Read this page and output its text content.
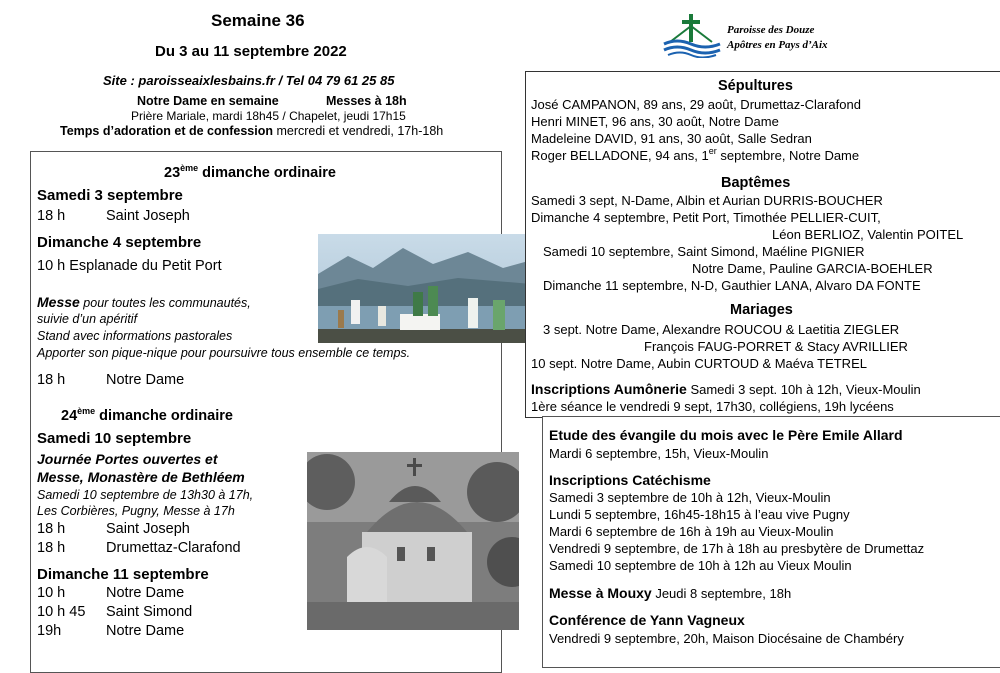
Semaine 36
Du 3 au 11 septembre 2022
Site : paroisseaixlesbains.fr / Tel 04 79 61 25 85
Notre Dame en semaine	Messes à 18h
Prière Mariale, mardi 18h45 / Chapelet, jeudi 17h15
Temps d’adoration et de confession mercredi et vendredi, 17h-18h
Paroisse des Douze
Apôtres en Pays d’Aix
23ème dimanche ordinaire
Samedi 3 septembre
18 h	Saint Joseph
Dimanche 4 septembre
10 h Esplanade du Petit Port
Messe pour toutes les communautés,
suivie d’un apéritif
Stand avec informations pastorales
Apporter son pique-nique pour poursuivre tous ensemble ce temps.
18 h	Notre Dame
24ème dimanche ordinaire
Samedi 10 septembre
Journée Portes ouvertes et
Messe, Monastère de Bethléem
Samedi 10 septembre de 13h30 à 17h,
Les Corbières, Pugny, Messe à 17h
18 h	Saint Joseph
18 h	Drumettaz-Clarafond
Dimanche 11 septembre
10 h	Notre Dame
10 h 45 Saint Simond
19h	Notre Dame
Sépultures
José CAMPANON, 89 ans, 29 août, Drumettaz-Clarafond
Henri MINET, 96 ans, 30 août, Notre Dame
Madeleine DAVID, 91 ans, 30 août, Salle Sedran
Roger BELLADONE, 94 ans, 1er septembre, Notre Dame
Baptêmes
Samedi 3 sept, N-Dame, Albin et Aurian DURRIS-BOUCHER
Dimanche 4 septembre, Petit Port, Timothée PELLIER-CUIT,
Léon BERLIOZ, Valentin POITEL
Samedi 10 septembre, Saint Simond, Maéline PIGNIER
Notre Dame, Pauline GARCIA-BOEHLER
Dimanche 11 septembre, N-D, Gauthier LANA, Alvaro DA FONTE
Mariages
3 sept. Notre Dame, Alexandre ROUCOU & Laetitia ZIEGLER
François FAUG-PORRET & Stacy AVRILLIER
10 sept. Notre Dame, Aubin CURTOUD & Maéva TETREL
Inscriptions Aumônerie Samedi 3 sept. 10h à 12h, Vieux-Moulin
1ère séance le vendredi 9 sept, 17h30, collégiens, 19h lycéens
Etude des évangile du mois avec le Père Emile Allard
Mardi 6 septembre, 15h, Vieux-Moulin
Inscriptions Catéchisme
Samedi 3 septembre de 10h à 12h, Vieux-Moulin
Lundi 5 septembre, 16h45-18h15 à l’eau vive Pugny
Mardi 6 septembre de 16h à 19h au Vieux-Moulin
Vendredi 9 septembre, de 17h à 18h au presbytère de Drumettaz
Samedi 10 septembre de 10h à 12h au Vieux Moulin
Messe à Mouxy Jeudi 8 septembre, 18h
Conférence de Yann Vagneux
Vendredi 9 septembre, 20h, Maison Diocésaine de Chambéry
